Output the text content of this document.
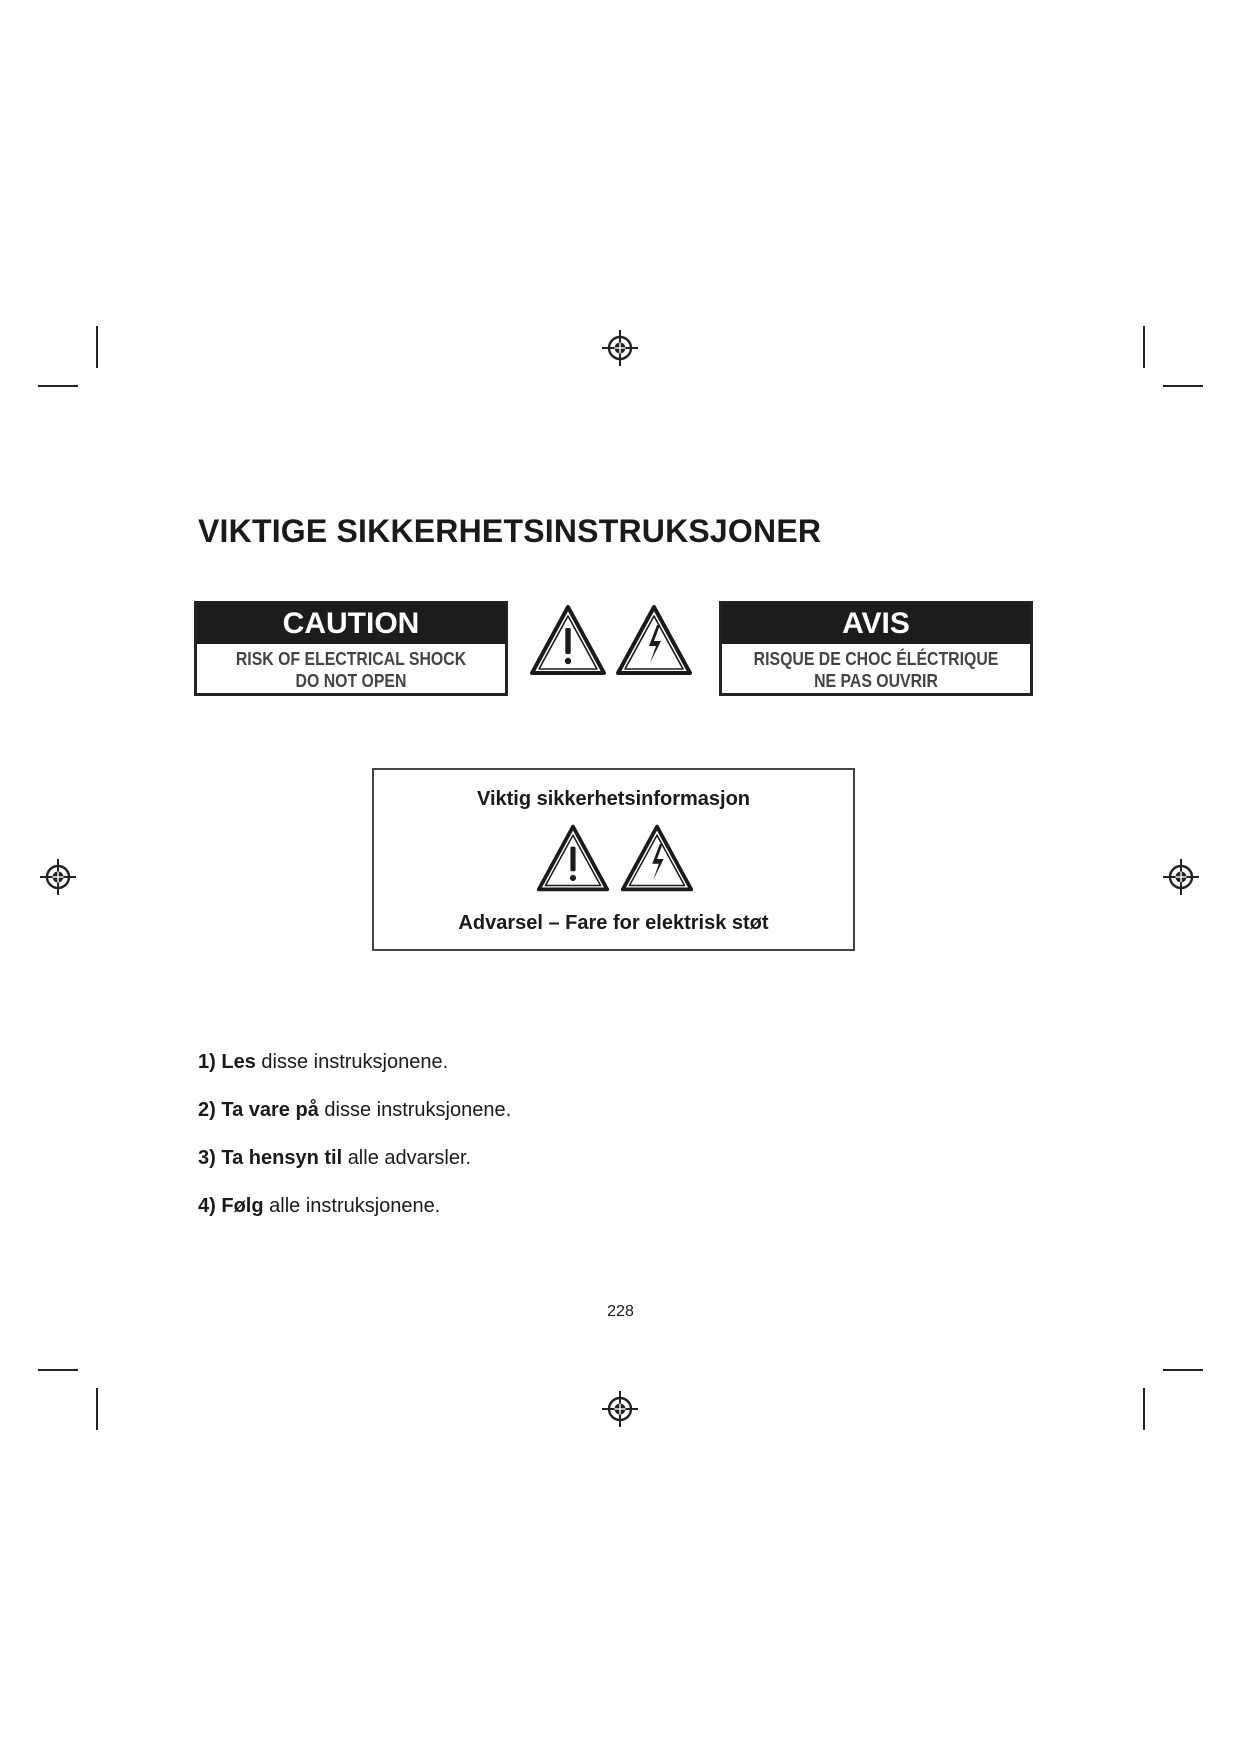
VIKTIGE SIKKERHETSINSTRUKSJONER
CAUTION
RISK OF ELECTRICAL SHOCK
DO NOT OPEN
AVIS
RISQUE DE CHOC ÉLÉCTRIQUE
NE PAS OUVRIR
Viktig sikkerhetsinformasjon
Advarsel – Fare for elektrisk støt
1) Les disse instruksjonene.
2) Ta vare på disse instruksjonene.
3) Ta hensyn til alle advarsler.
4) Følg alle instruksjonene.
228
